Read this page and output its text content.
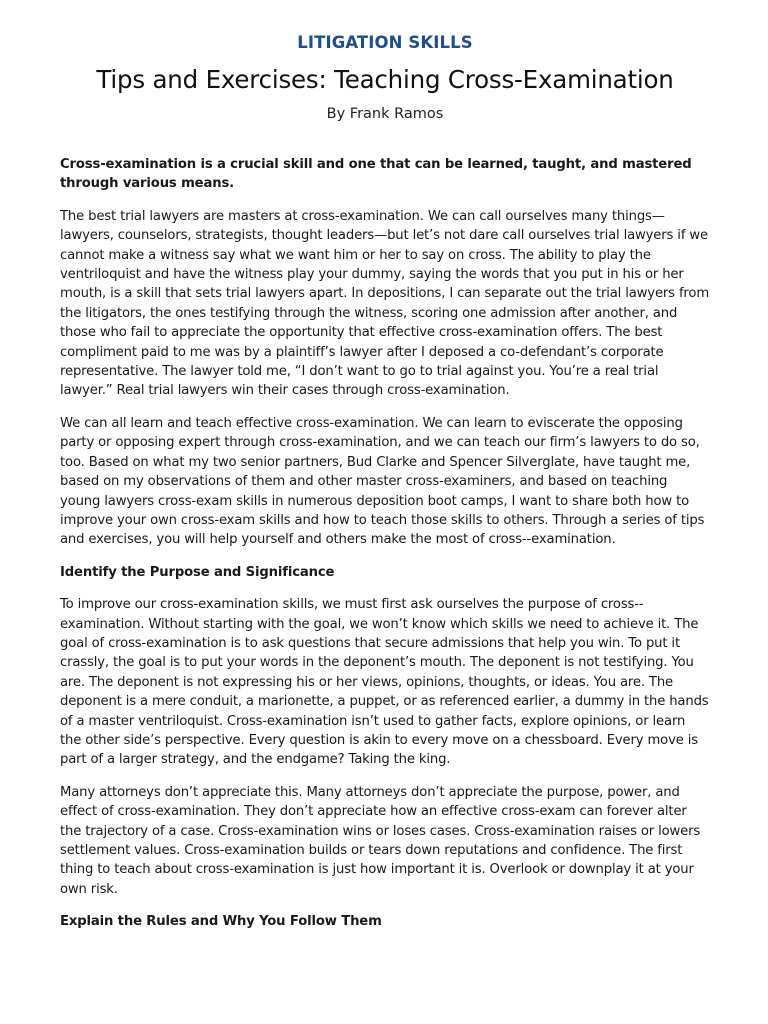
LITIGATION SKILLS
Tips and Exercises: Teaching Cross-Examination
By Frank Ramos

Cross-examination is a crucial skill and one that can be learned, taught, and mastered through various means.

The best trial lawyers are masters at cross-examination. We can call ourselves many things—lawyers, counselors, strategists, thought leaders—but let’s not dare call ourselves trial lawyers if we cannot make a witness say what we want him or her to say on cross. The ability to play the ventriloquist and have the witness play your dummy, saying the words that you put in his or her mouth, is a skill that sets trial lawyers apart. In depositions, I can separate out the trial lawyers from the litigators, the ones testifying through the witness, scoring one admission after another, and those who fail to appreciate the opportunity that effective cross-examination offers. The best compliment paid to me was by a plaintiff’s lawyer after I deposed a co-defendant’s corporate representative. The lawyer told me, “I don’t want to go to trial against you. You’re a real trial lawyer.” Real trial lawyers win their cases through cross-examination.

We can all learn and teach effective cross-examination. We can learn to eviscerate the opposing party or opposing expert through cross-examination, and we can teach our firm’s lawyers to do so, too. Based on what my two senior partners, Bud Clarke and Spencer Silverglate, have taught me, based on my observations of them and other master cross-examiners, and based on teaching young lawyers cross-exam skills in numerous deposition boot camps, I want to share both how to improve your own cross-exam skills and how to teach those skills to others. Through a series of tips and exercises, you will help yourself and others make the most of cross--examination.

Identify the Purpose and Significance

To improve our cross-examination skills, we must first ask ourselves the purpose of cross--examination. Without starting with the goal, we won’t know which skills we need to achieve it. The goal of cross-examination is to ask questions that secure admissions that help you win. To put it crassly, the goal is to put your words in the deponent’s mouth. The deponent is not testifying. You are. The deponent is not expressing his or her views, opinions, thoughts, or ideas. You are. The deponent is a mere conduit, a marionette, a puppet, or as referenced earlier, a dummy in the hands of a master ventriloquist. Cross-examination isn’t used to gather facts, explore opinions, or learn the other side’s perspective. Every question is akin to every move on a chessboard. Every move is part of a larger strategy, and the endgame? Taking the king.

Many attorneys don’t appreciate this. Many attorneys don’t appreciate the purpose, power, and effect of cross-examination. They don’t appreciate how an effective cross-exam can forever alter the trajectory of a case. Cross-examination wins or loses cases. Cross-examination raises or lowers settlement values. Cross-examination builds or tears down reputations and confidence. The first thing to teach about cross-examination is just how important it is. Overlook or downplay it at your own risk.

Explain the Rules and Why You Follow Them
